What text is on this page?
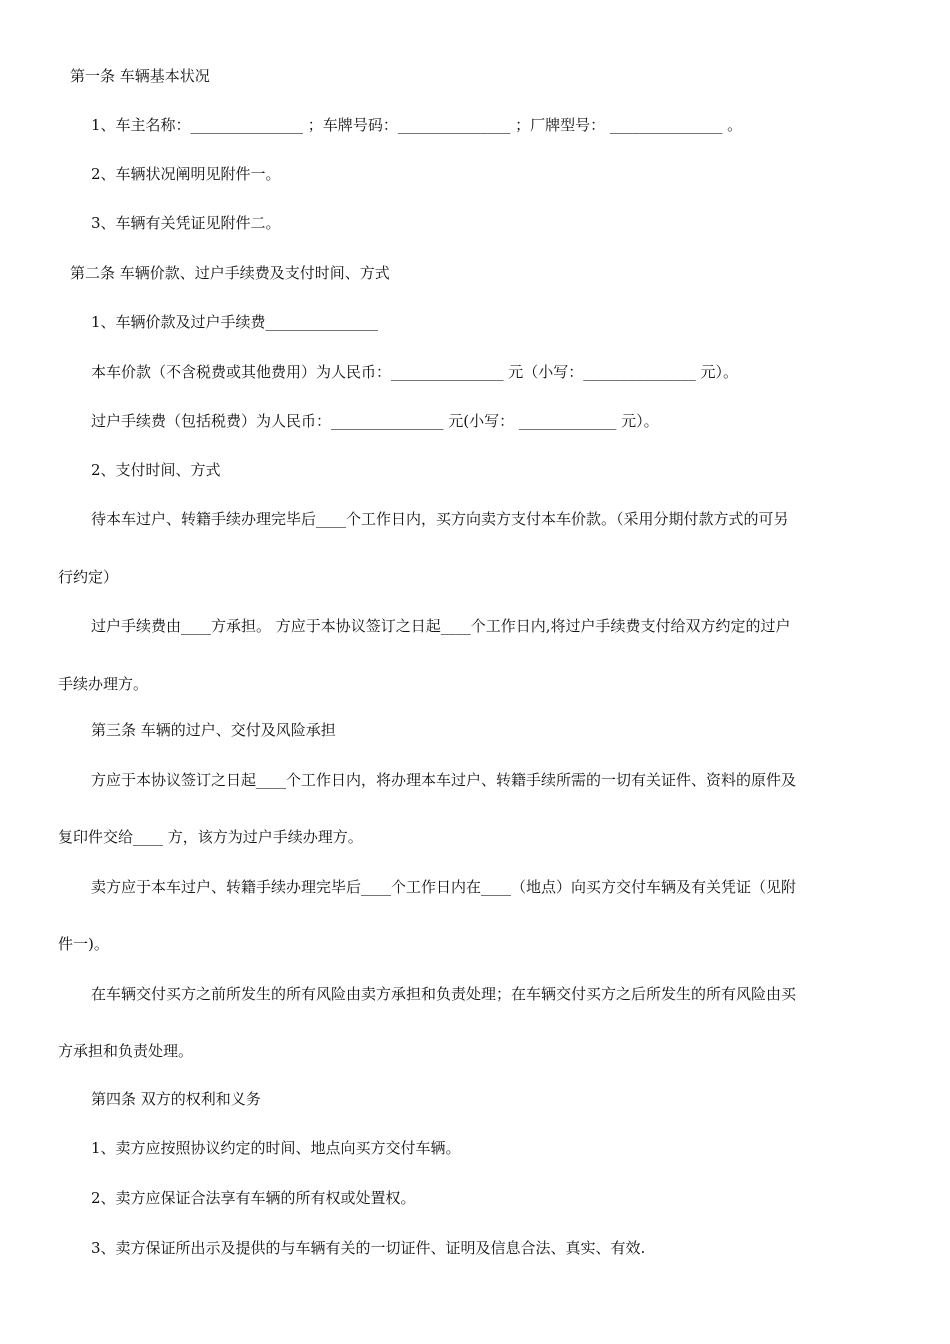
第一条 车辆基本状况
1、车主名称：_______________ ；车牌号码：_______________ ；厂牌型号： _______________ 。
2、车辆状况阐明见附件一。
3、车辆有关凭证见附件二。
第二条 车辆价款、过户手续费及支付时间、方式
1、车辆价款及过户手续费_______________
本车价款（不含税费或其他费用）为人民币：_______________ 元（小写：_______________ 元）。
过户手续费（包括税费）为人民币：_______________ 元(小写： _____________ 元）。
2、支付时间、方式
待本车过户、转籍手续办理完毕后____个工作日内，买方向卖方支付本车价款。（采用分期付款方式的可另
行约定）
过户手续费由____方承担。 方应于本协议签订之日起____个工作日内,将过户手续费支付给双方约定的过户
手续办理方。
第三条 车辆的过户、交付及风险承担
方应于本协议签订之日起____个工作日内，将办理本车过户、转籍手续所需的一切有关证件、资料的原件及
复印件交给____ 方，该方为过户手续办理方。
卖方应于本车过户、转籍手续办理完毕后____个工作日内在____（地点）向买方交付车辆及有关凭证（见附
件一)。
在车辆交付买方之前所发生的所有风险由卖方承担和负责处理；在车辆交付买方之后所发生的所有风险由买
方承担和负责处理。
第四条 双方的权利和义务
1、卖方应按照协议约定的时间、地点向买方交付车辆。
2、卖方应保证合法享有车辆的所有权或处置权。
3、卖方保证所出示及提供的与车辆有关的一切证件、证明及信息合法、真实、有效.
